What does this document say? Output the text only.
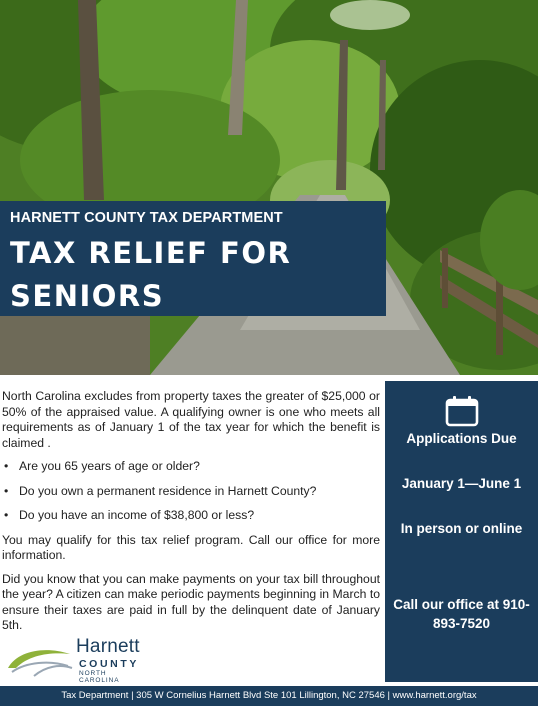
HARNETT COUNTY TAX DEPARTMENT
TAX RELIEF FOR SENIORS

North Carolina excludes from property taxes the greater of $25,000 or 50% of the appraised value. A qualifying owner is one who meets all requirements as of January 1 of the tax year for which the benefit is claimed .

• Are you 65 years of age or older?
• Do you own a permanent residence in Harnett County?
• Do you have an income of $38,800 or less?

You may qualify for this tax relief program. Call our office for more information.

Did you know that you can make payments on your tax bill throughout the year? A citizen can make periodic payments beginning in March to ensure their taxes are paid in full by the delinquent date of January 5th.

Applications Due
January 1—June 1
In person or online
Call our office at 910-893-7520
Harnett
COUNTY
NORTH CAROLINA
Tax Department | 305 W Cornelius Harnett Blvd Ste 101 Lillington, NC 27546 | www.harnett.org/tax
